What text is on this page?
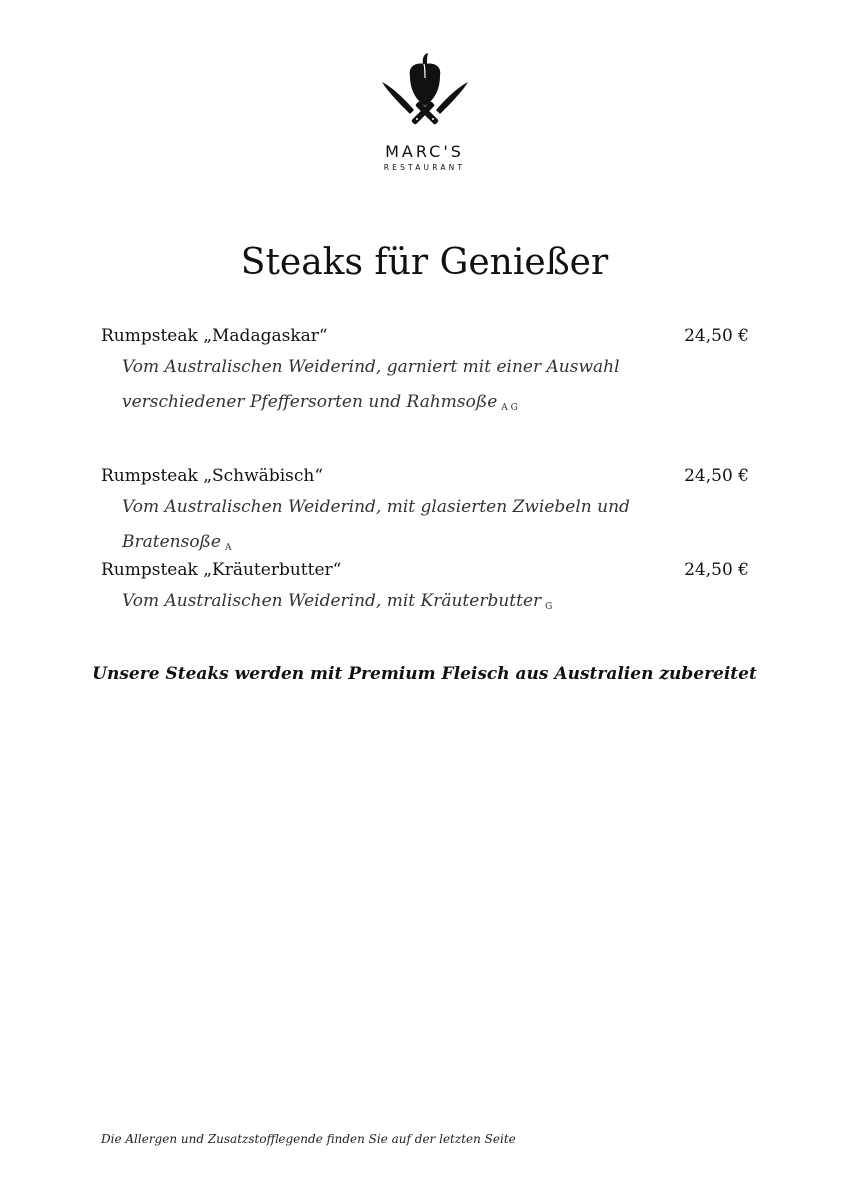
MARC'S
RESTAURANT
Steaks für Genießer
Rumpsteak „Madagaskar“	24,50 €
Vom Australischen Weiderind, garniert mit einer Auswahl verschiedener Pfeffersorten und Rahmsoße A G
Rumpsteak „Schwäbisch“	24,50 €
Vom Australischen Weiderind, mit glasierten Zwiebeln und Bratensoße A
Rumpsteak „Kräuterbutter“	24,50 €
Vom Australischen Weiderind, mit Kräuterbutter G
Unsere Steaks werden mit Premium Fleisch aus Australien zubereitet
Die Allergen und Zusatzstofflegende finden Sie auf der letzten Seite
